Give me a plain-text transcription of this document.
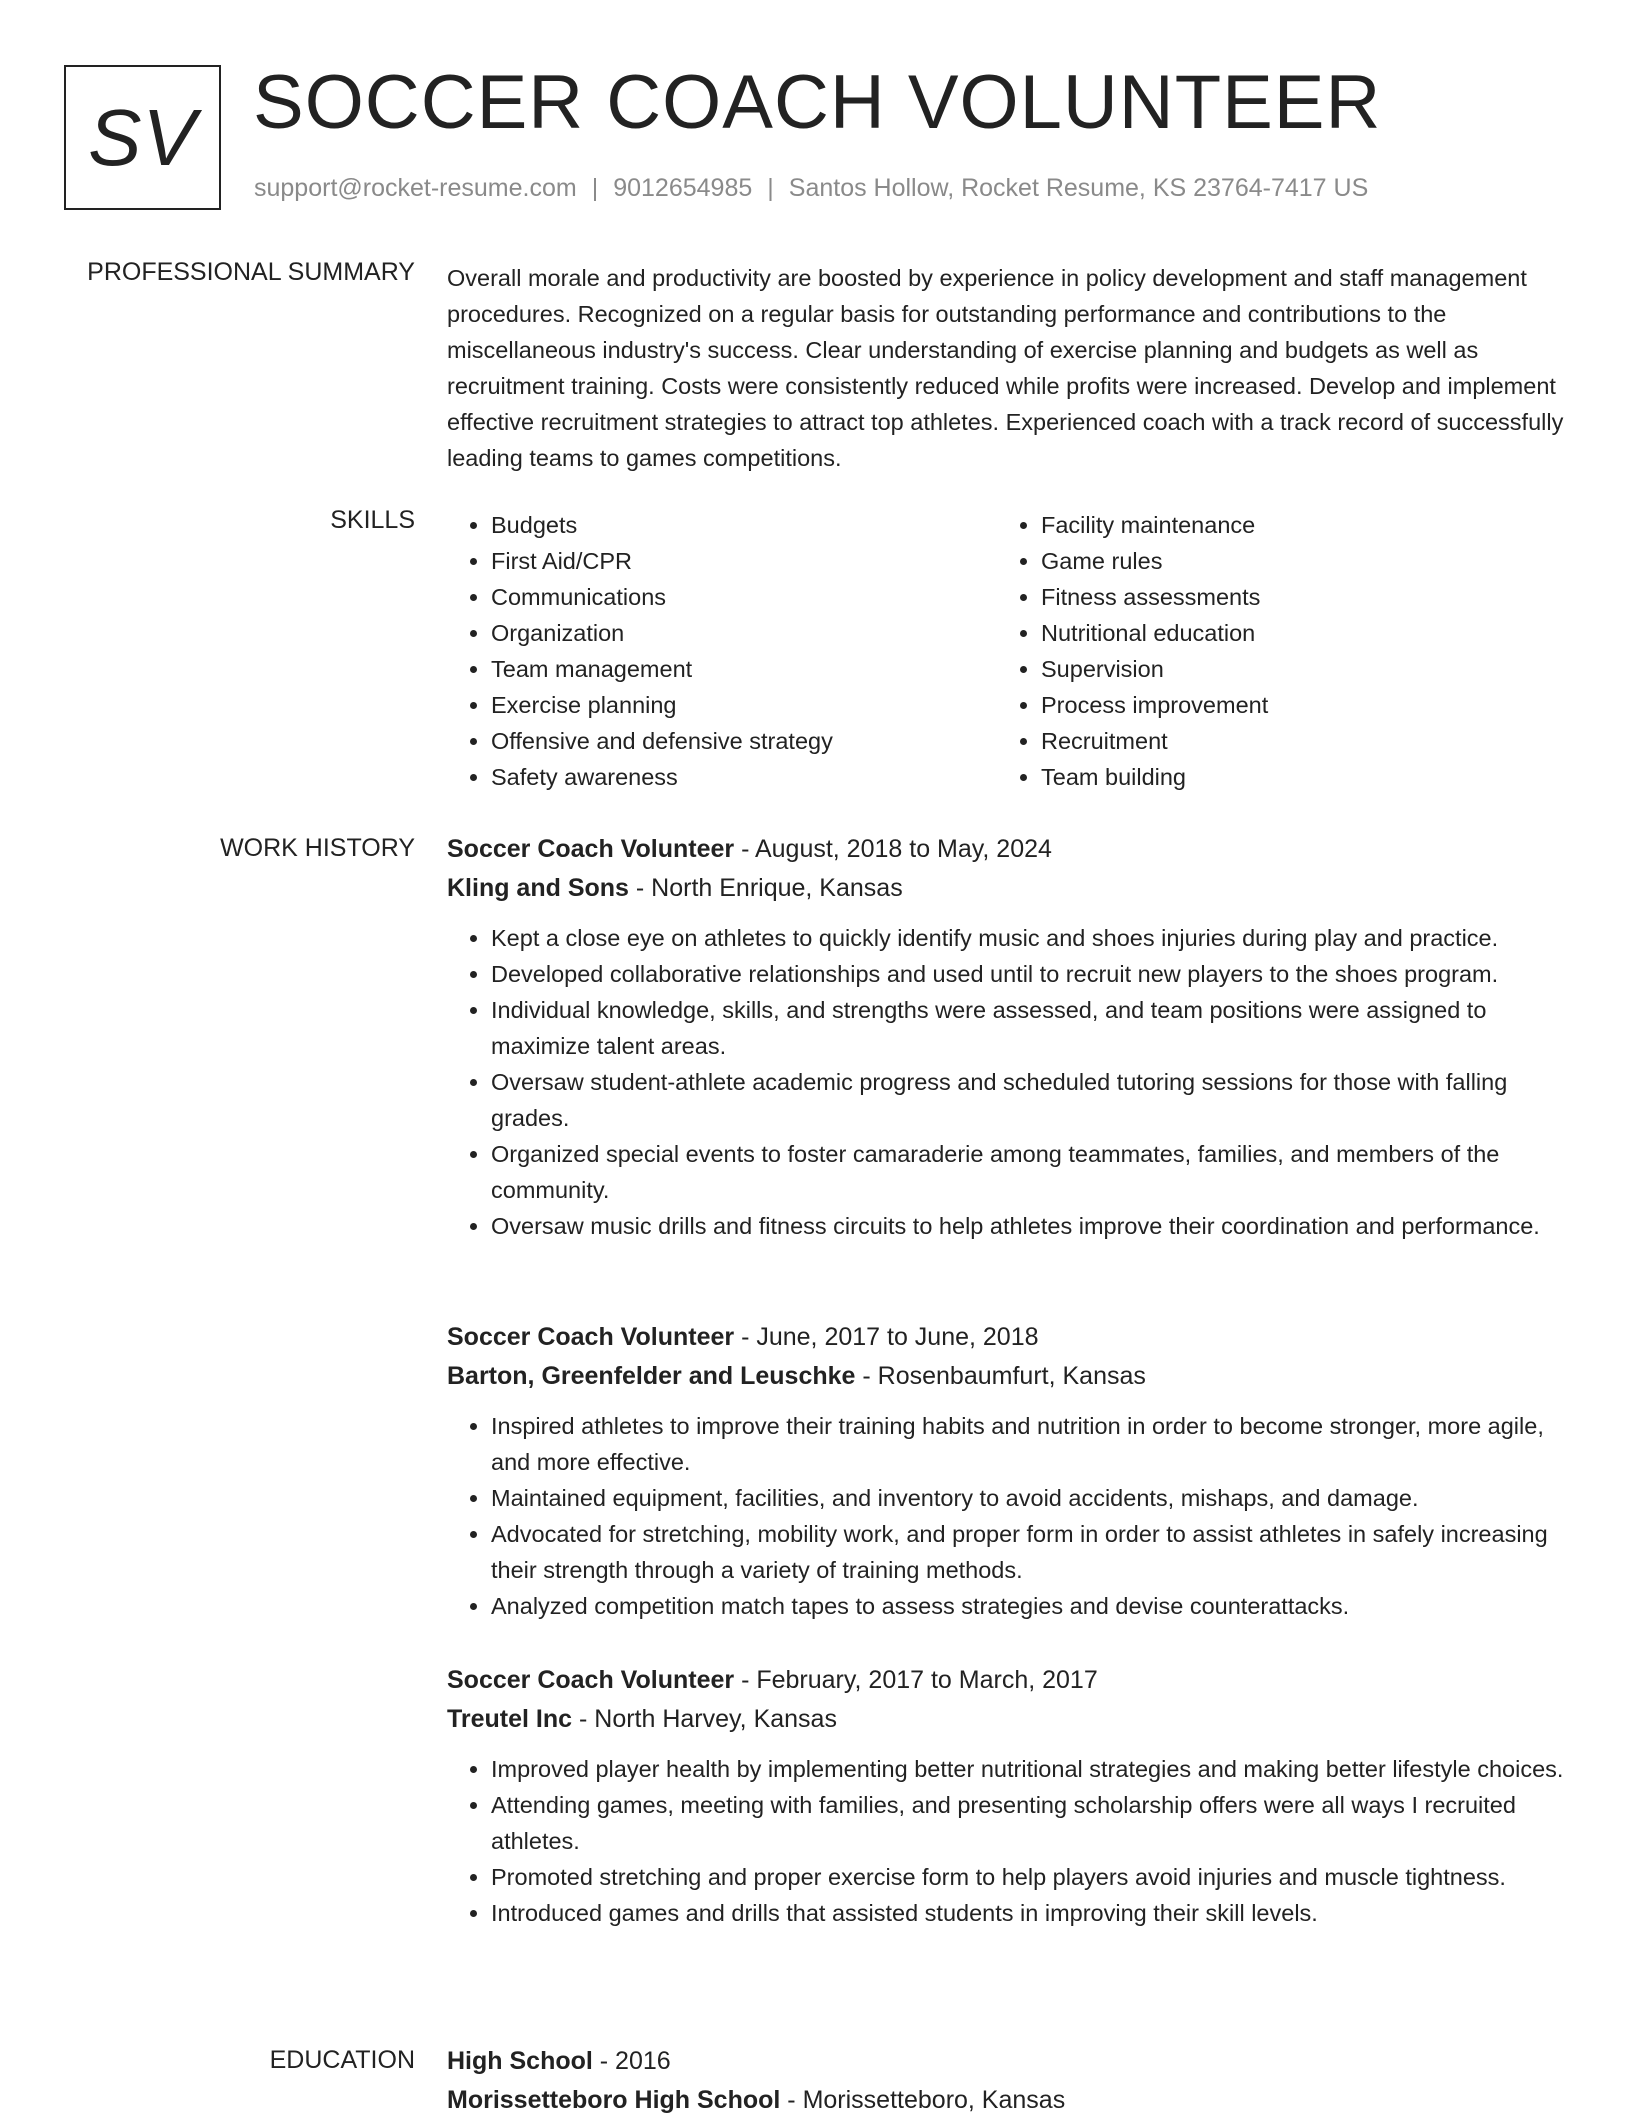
SV SOCCER COACH VOLUNTEER
support@rocket-resume.com | 9012654985 | Santos Hollow, Rocket Resume, KS 23764-7417 US
PROFESSIONAL SUMMARY Overall morale and productivity are boosted by experience in policy development and staff management procedures. Recognized on a regular basis for outstanding performance and contributions to the miscellaneous industry's success. Clear understanding of exercise planning and budgets as well as recruitment training. Costs were consistently reduced while profits were increased. Develop and implement effective recruitment strategies to attract top athletes. Experienced coach with a track record of successfully leading teams to games competitions.
SKILLS
•	Budgets
• First Aid/CPR
• Communications
• Organization
• Team management
• Exercise planning
• Offensive and defensive strategy
• Safety awareness
• Facility maintenance
• Game rules
• Fitness assessments
• Nutritional education
• Supervision
• Process improvement
• Recruitment
• Team building
WORK HISTORY Soccer Coach Volunteer - August, 2018 to May, 2024
Kling and Sons - North Enrique, Kansas
• Kept a close eye on athletes to quickly identify music and shoes injuries during play and practice.
• Developed collaborative relationships and used until to recruit new players to the shoes program.
• Individual knowledge, skills, and strengths were assessed, and team positions were assigned to maximize talent areas.
• Oversaw student-athlete academic progress and scheduled tutoring sessions for those with falling grades.
• Organized special events to foster camaraderie among teammates, families, and members of the community.
• Oversaw music drills and fitness circuits to help athletes improve their coordination and performance.
Soccer Coach Volunteer - June, 2017 to June, 2018
Barton, Greenfelder and Leuschke - Rosenbaumfurt, Kansas
• Inspired athletes to improve their training habits and nutrition in order to become stronger, more agile, and more effective.
• Maintained equipment, facilities, and inventory to avoid accidents, mishaps, and damage.
• Advocated for stretching, mobility work, and proper form in order to assist athletes in safely increasing their strength through a variety of training methods.
• Analyzed competition match tapes to assess strategies and devise counterattacks.
Soccer Coach Volunteer - February, 2017 to March, 2017
Treutel Inc - North Harvey, Kansas
• Improved player health by implementing better nutritional strategies and making better lifestyle choices.
• Attending games, meeting with families, and presenting scholarship offers were all ways I recruited athletes.
• Promoted stretching and proper exercise form to help players avoid injuries and muscle tightness.
• Introduced games and drills that assisted students in improving their skill levels.
EDUCATION High School - 2016
Morissetteboro High School - Morissetteboro, Kansas
